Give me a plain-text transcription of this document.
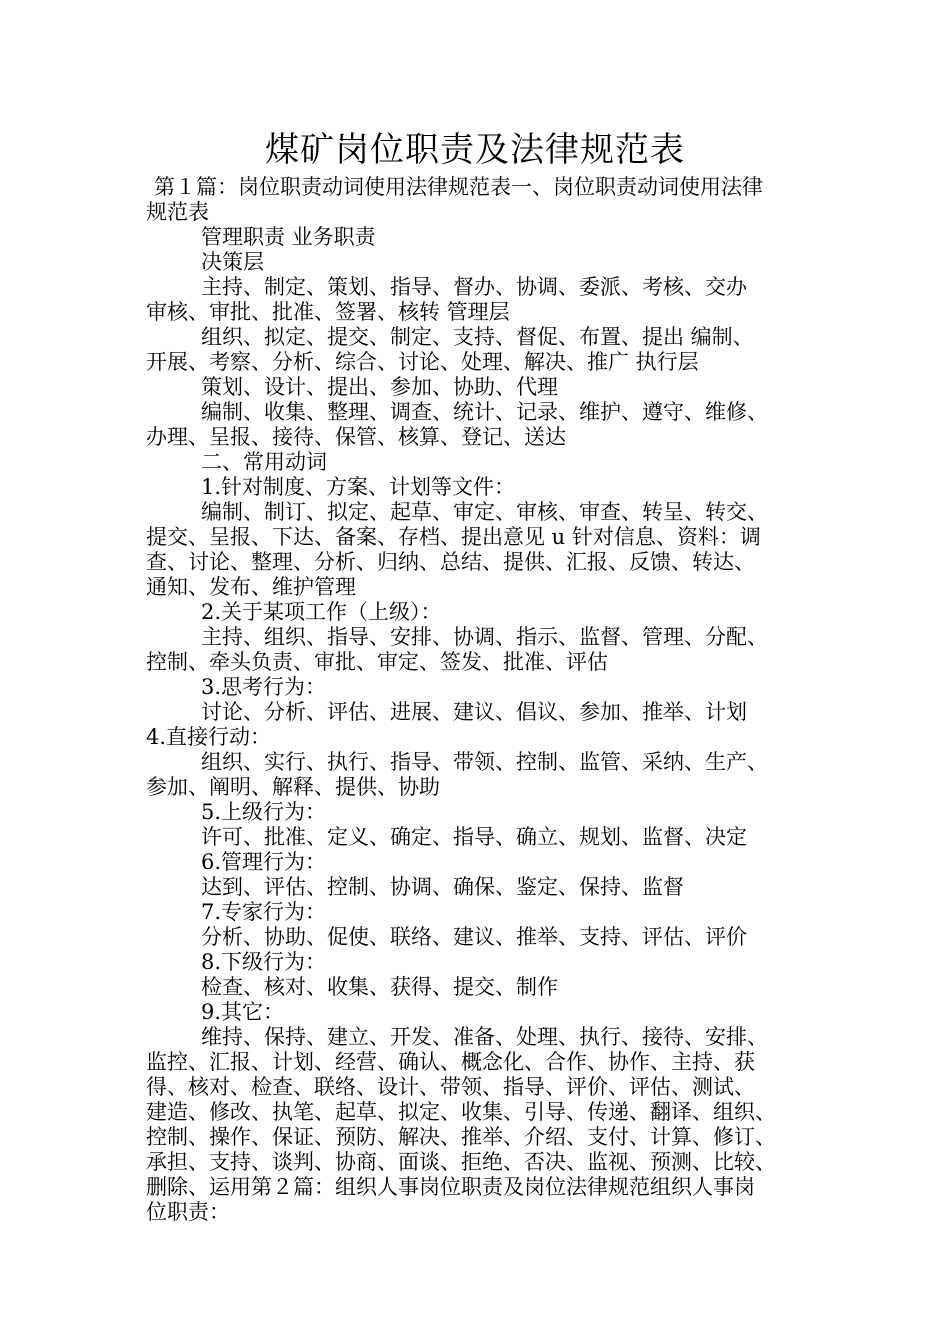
煤矿岗位职责及法律规范表
第１篇：岗位职责动词使用法律规范表一、岗位职责动词使用法律
规范表
管理职责 业务职责
决策层
主持、制定、策划、指导、督办、协调、委派、考核、交办
审核、审批、批准、签署、核转 管理层
组织、拟定、提交、制定、支持、督促、布置、提出 编制、
开展、考察、分析、综合、讨论、处理、解决、推广 执行层
策划、设计、提出、参加、协助、代理
编制、收集、整理、调查、统计、记录、维护、遵守、维修、
办理、呈报、接待、保管、核算、登记、送达
二、常用动词
1.针对制度、方案、计划等文件：
编制、制订、拟定、起草、审定、审核、审查、转呈、转交、
提交、呈报、下达、备案、存档、提出意见 u 针对信息、资料：调
查、讨论、整理、分析、归纳、总结、提供、汇报、反馈、转达、
通知、发布、维护管理
2.关于某项工作（上级）：
主持、组织、指导、安排、协调、指示、监督、管理、分配、
控制、牵头负责、审批、审定、签发、批准、评估
3.思考行为：
讨论、分析、评估、进展、建议、倡议、参加、推举、计划
4.直接行动：
组织、实行、执行、指导、带领、控制、监管、采纳、生产、
参加、阐明、解释、提供、协助
5.上级行为：
许可、批准、定义、确定、指导、确立、规划、监督、决定
6.管理行为：
达到、评估、控制、协调、确保、鉴定、保持、监督
7.专家行为：
分析、协助、促使、联络、建议、推举、支持、评估、评价
8.下级行为：
检查、核对、收集、获得、提交、制作
9.其它：
维持、保持、建立、开发、准备、处理、执行、接待、安排、
监控、汇报、计划、经营、确认、概念化、合作、协作、主持、获
得、核对、检查、联络、设计、带领、指导、评价、评估、测试、
建造、修改、执笔、起草、拟定、收集、引导、传递、翻译、组织、
控制、操作、保证、预防、解决、推举、介绍、支付、计算、修订、
承担、支持、谈判、协商、面谈、拒绝、否决、监视、预测、比较、
删除、运用第２篇：组织人事岗位职责及岗位法律规范组织人事岗
位职责：
